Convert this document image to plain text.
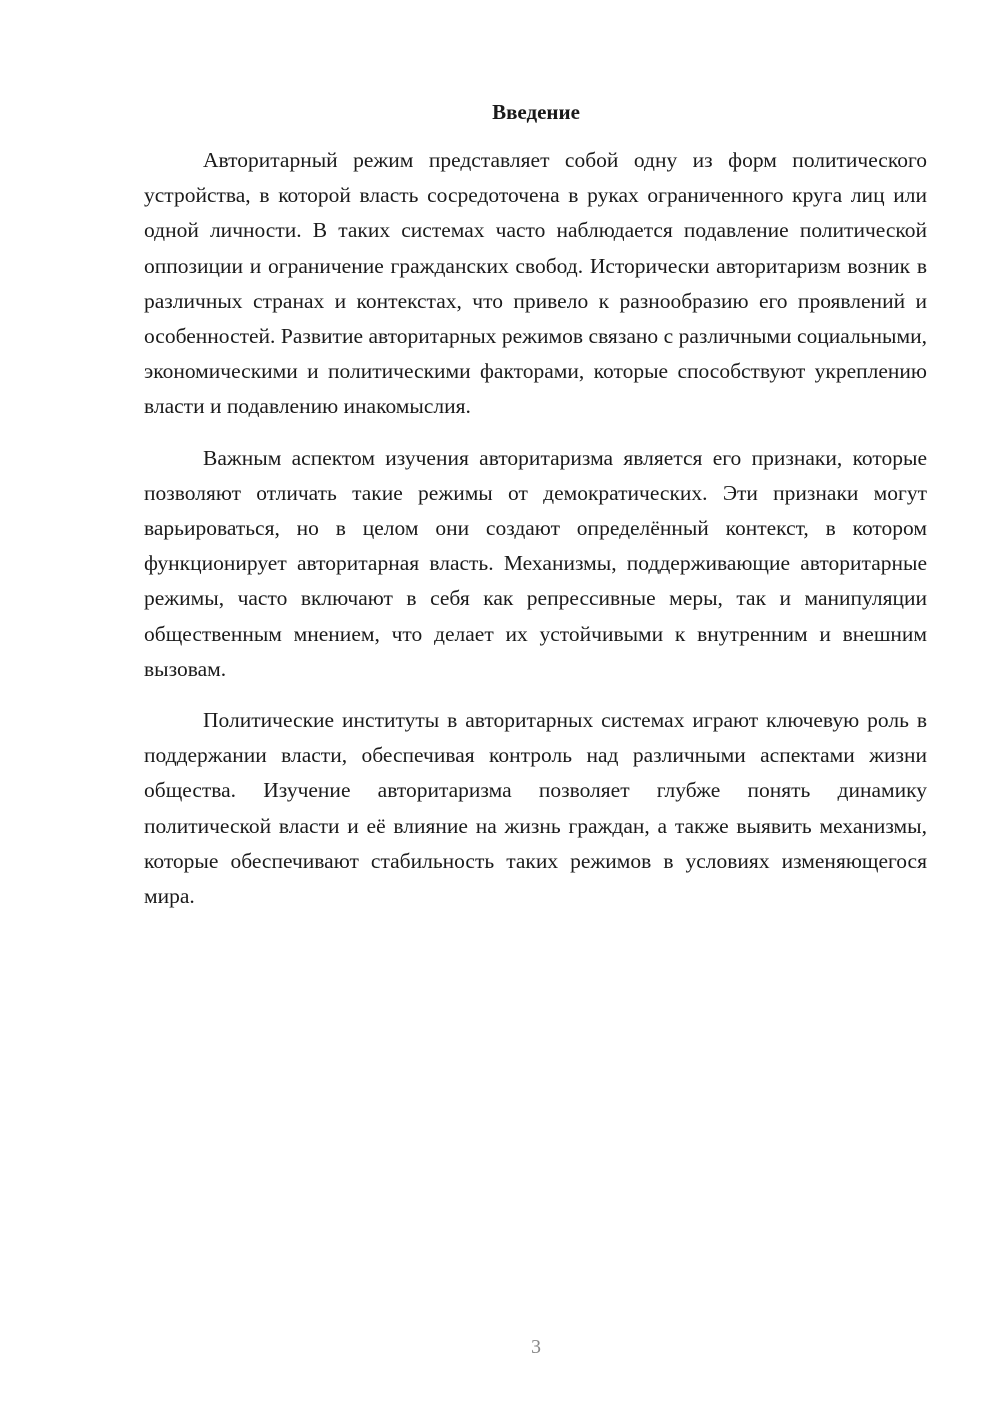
Введение

Авторитарный режим представляет собой одну из форм политического устройства, в которой власть сосредоточена в руках ограниченного круга лиц или одной личности. В таких системах часто наблюдается подавление политической оппозиции и ограничение гражданских свобод. Исторически авторитаризм возник в различных странах и контекстах, что привело к разнообразию его проявлений и особенностей. Развитие авторитарных режимов связано с различными социальными, экономическими и политическими факторами, которые способствуют укреплению власти и подавлению инакомыслия.

Важным аспектом изучения авторитаризма является его признаки, которые позволяют отличать такие режимы от демократических. Эти признаки могут варьироваться, но в целом они создают определённый контекст, в котором функционирует авторитарная власть. Механизмы, поддерживающие авторитарные режимы, часто включают в себя как репрессивные меры, так и манипуляции общественным мнением, что делает их устойчивыми к внутренним и внешним вызовам.

Политические институты в авторитарных системах играют ключевую роль в поддержании власти, обеспечивая контроль над различными аспектами жизни общества. Изучение авторитаризма позволяет глубже понять динамику политической власти и её влияние на жизнь граждан, а также выявить механизмы, которые обеспечивают стабильность таких режимов в условиях изменяющегося мира.

3
